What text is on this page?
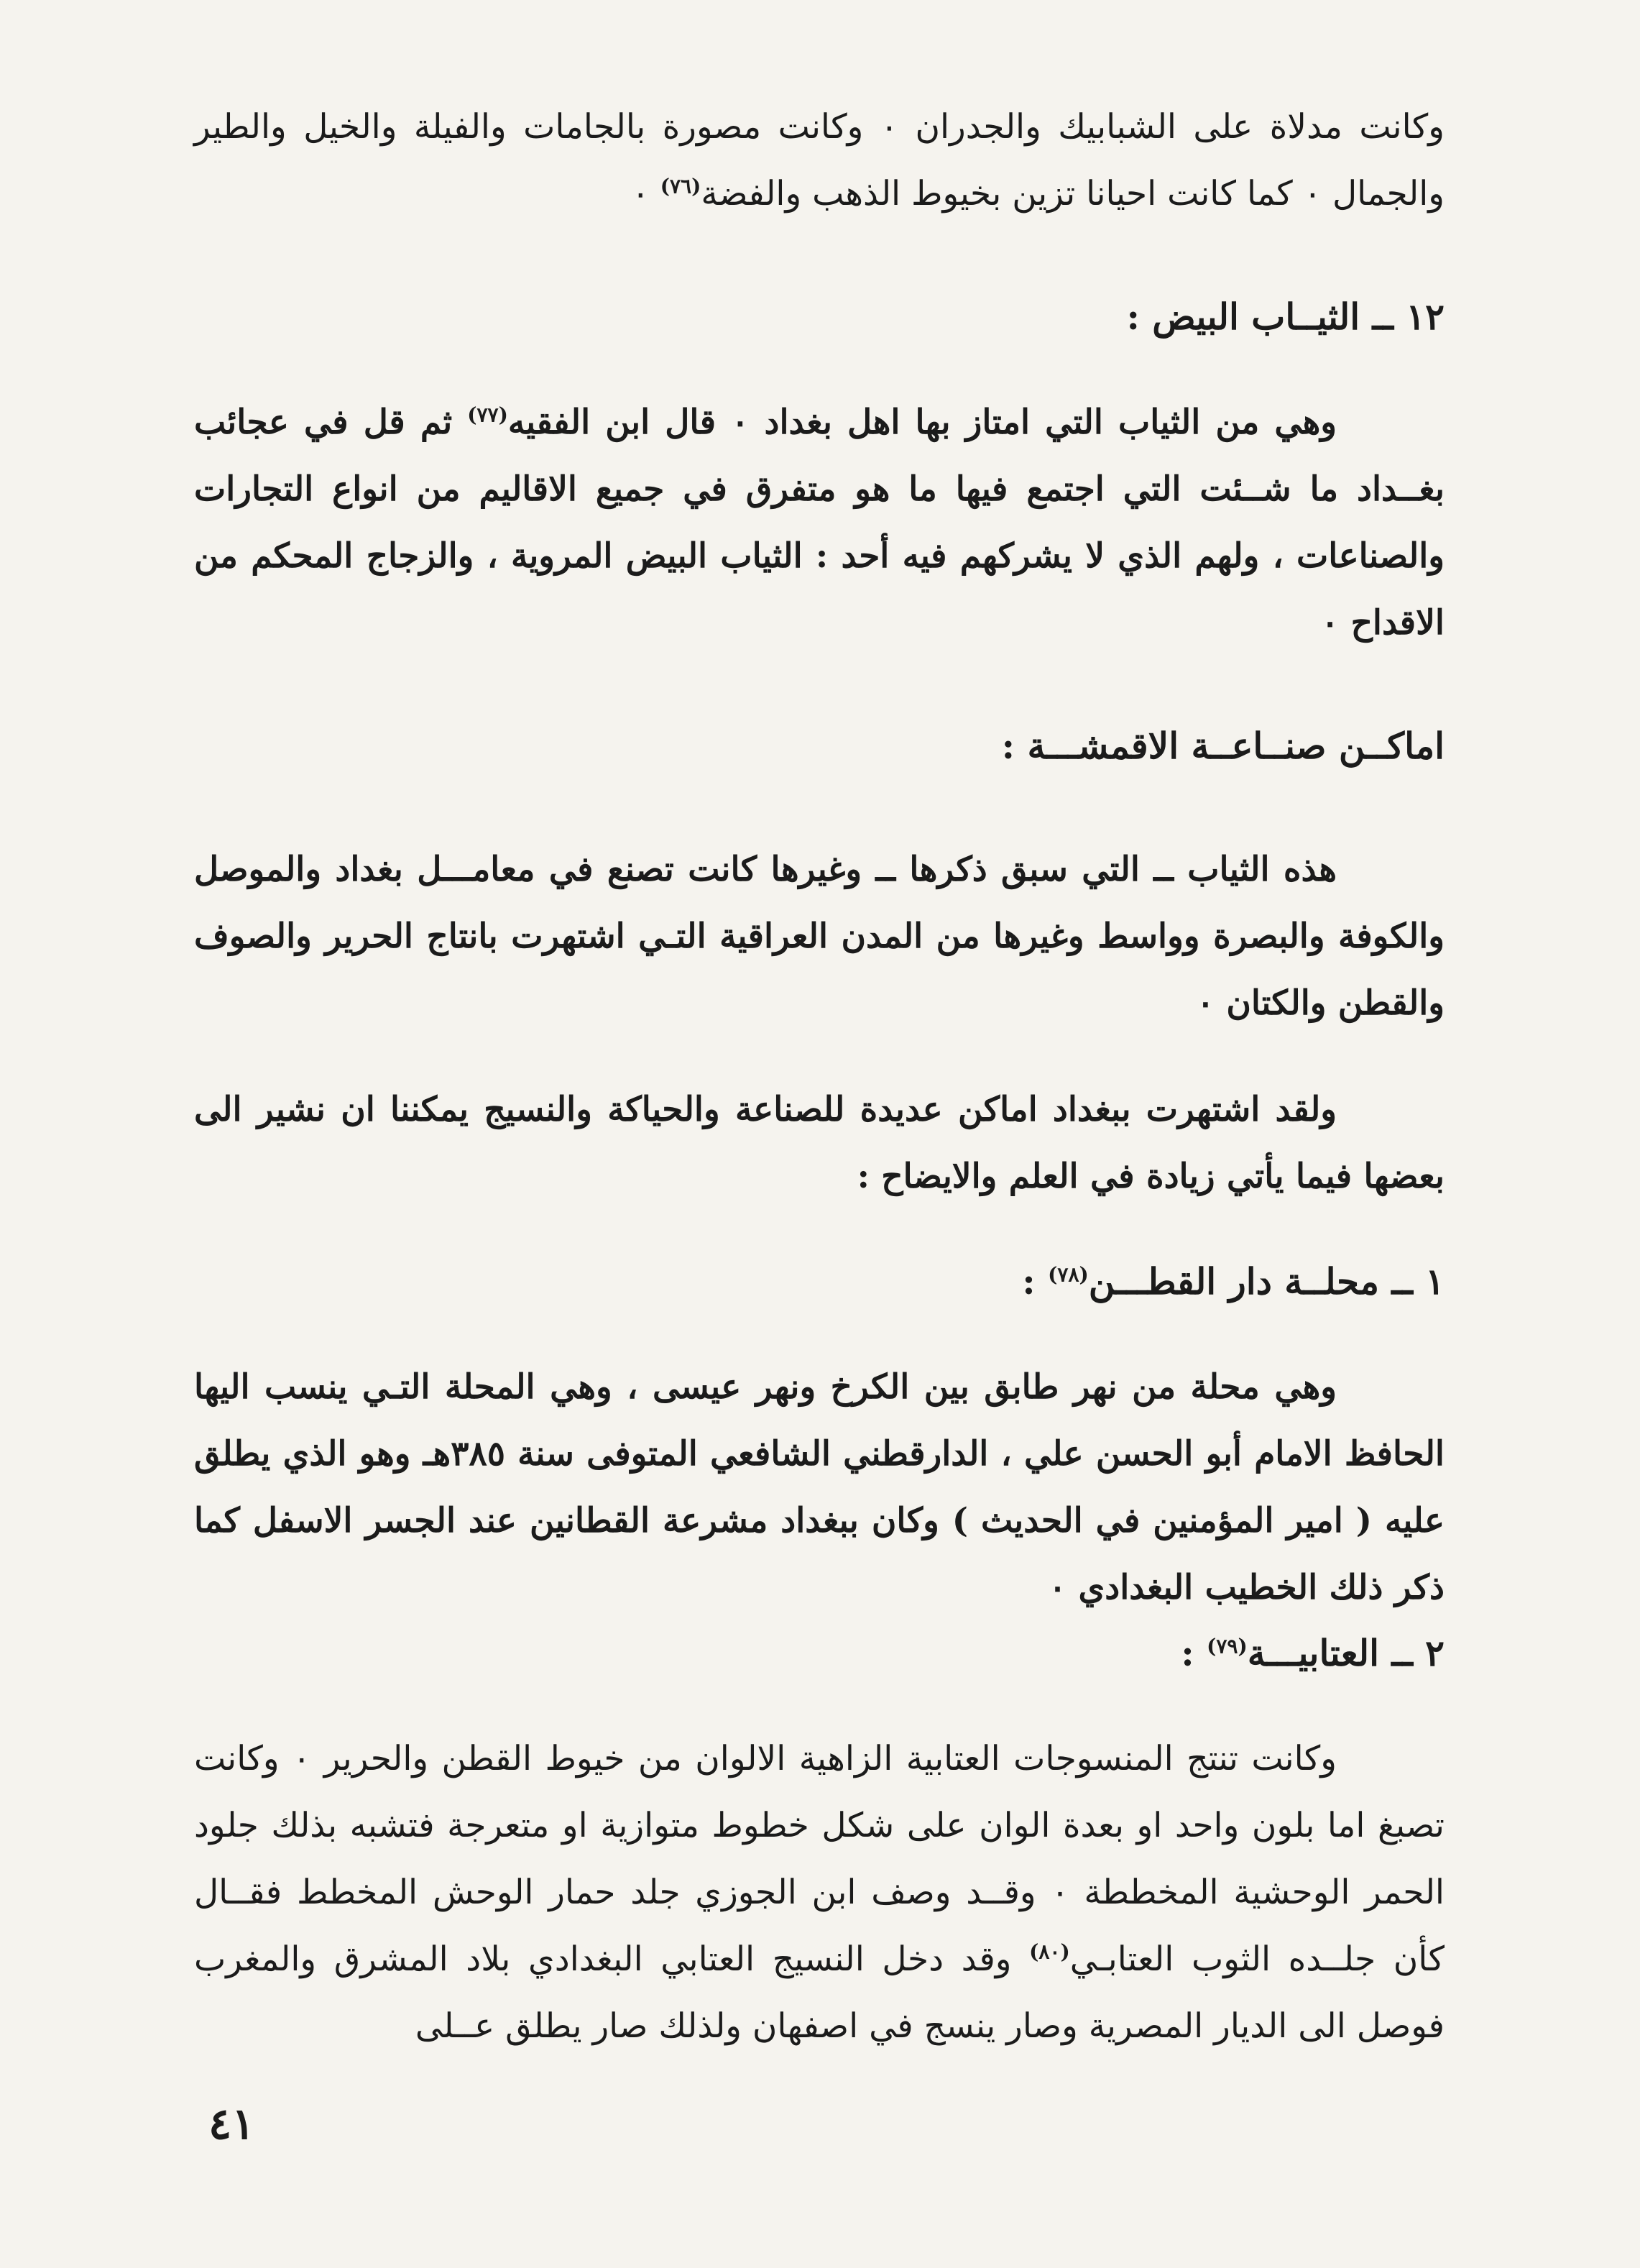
وكانت مدلاة على الشبابيك والجدران ٠ وكانت مصورة بالجامات والفيلة والخيل والطير والجمال ٠ كما كانت احيانا تزين بخيوط الذهب والفضة$^{(٧٦)}$ ٠

١٢ ــ الثيــاب البيض :

وهي من الثياب التي امتاز بها اهل بغداد ٠ قال ابن الفقيه$^{(٧٧)}$ ثم قل في عجائب بغــداد ما شــئت التي اجتمع فيها ما هو متفرق في جميع الاقاليم من انواع التجارات والصناعات ، ولهم الذي لا يشركهم فيه أحد : الثياب البيض المروية ، والزجاج المحكم من الاقداح ٠

اماكــن صنــاعــة الاقمشـــة :

هذه الثياب ــ التي سبق ذكرها ــ وغيرها كانت تصنع في معامـــل بغداد والموصل والكوفة والبصرة وواسط وغيرها من المدن العراقية التـي اشتهرت بانتاج الحرير والصوف والقطن والكتان ٠

ولقد اشتهرت ببغداد اماكن عديدة للصناعة والحياكة والنسيج يمكننا ان نشير الى بعضها فيما يأتي زيادة في العلم والايضاح :

١ ــ محلــة دار القطـــن$^{(٧٨)}$ :

وهي محلة من نهر طابق بين الكرخ ونهر عيسى ، وهي المحلة التـي ينسب اليها الحافظ الامام أبو الحسن علي ، الدارقطني الشافعي المتوفى سنة ٣٨٥هـ وهو الذي يطلق عليه ( امير المؤمنين في الحديث ) وكان ببغداد مشرعة القطانين عند الجسر الاسفل كما ذكر ذلك الخطيب البغدادي ٠

٢ ــ العتابيـــة$^{(٧٩)}$ :

وكانت تنتج المنسوجات العتابية الزاهية الالوان من خيوط القطن والحرير ٠ وكانت تصبغ اما بلون واحد او بعدة الوان على شكل خطوط متوازية او متعرجة فتشبه بذلك جلود الحمر الوحشية المخططة ٠ وقــد وصف ابن الجوزي جلد حمار الوحش المخطط فقــال كأن جلــده الثوب العتابـي$^{(٨٠)}$ وقد دخل النسيج العتابي البغدادي بلاد المشرق والمغرب فوصل الى الديار المصرية وصار ينسج في اصفهان ولذلك صار يطلق عــلى

٤١
